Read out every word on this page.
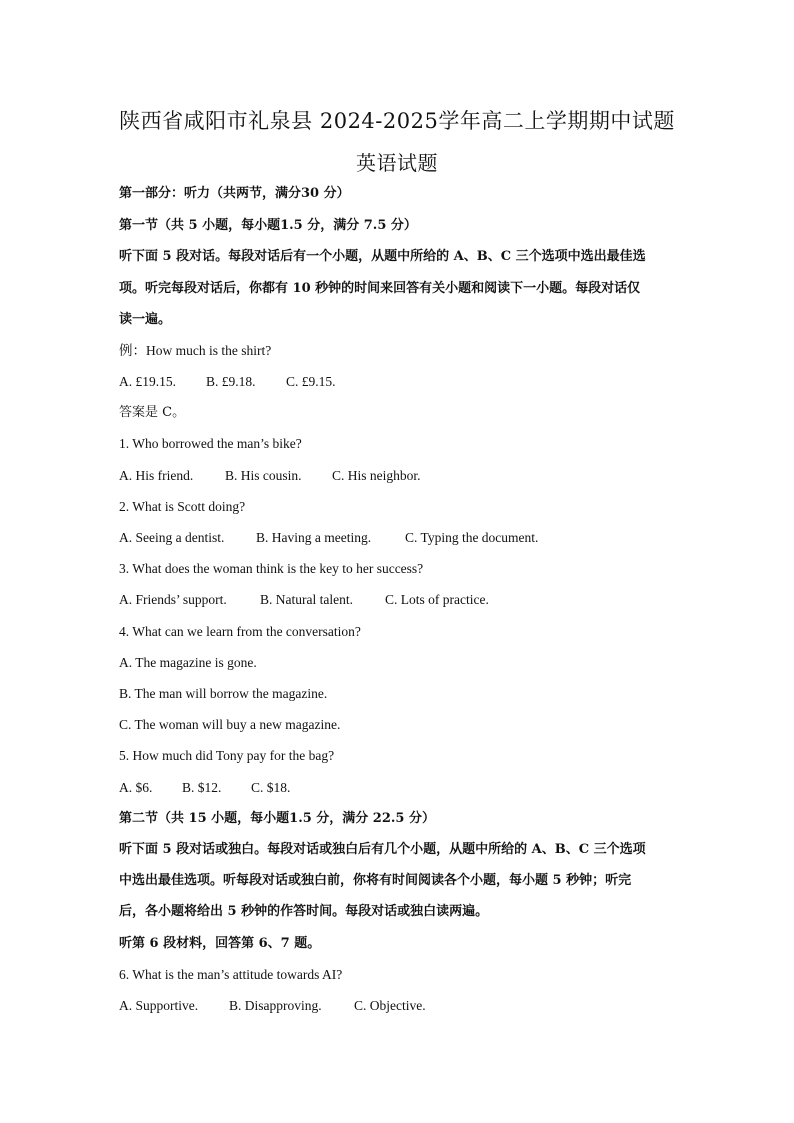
陕西省咸阳市礼泉县 2024-2025学年高二上学期期中试题
英语试题
第一部分：听力（共两节，满分30 分）
第一节（共 5 小题，每小题1.5 分，满分 7.5 分）
听下面 5 段对话。每段对话后有一个小题，从题中所给的 A、B、C 三个选项中选出最佳选
项。听完每段对话后，你都有 10 秒钟的时间来回答有关小题和阅读下一小题。每段对话仅
读一遍。
例：How much is the shirt?
A. £19.15. B. £9.18. C. £9.15.
答案是 C。
1. Who borrowed the man’s bike?
A. His friend. B. His cousin. C. His neighbor.
2. What is Scott doing?
A. Seeing a dentist. B. Having a meeting.	C. Typing the document.
3. What does the woman think is the key to her success?
A. Friends’ support. B. Natural talent. C. Lots of practice.
4. What can we learn from the conversation?
A. The magazine is gone.
B. The man will borrow the magazine.
C. The woman will buy a new magazine.
5. How much did Tony pay for the bag?
A. $6. B. $12. C. $18.
第二节（共 15 小题，每小题1.5 分，满分 22.5 分）
听下面 5 段对话或独白。每段对话或独白后有几个小题，从题中所给的 A、B、C 三个选项
中选出最佳选项。听每段对话或独白前，你将有时间阅读各个小题，每小题 5 秒钟；听完
后，各小题将给出 5 秒钟的作答时间。每段对话或独白读两遍。
听第 6 段材料，回答第 6、7 题。
6. What is the man’s attitude towards AI?
A. Supportive. B. Disapproving. C. Objective.
